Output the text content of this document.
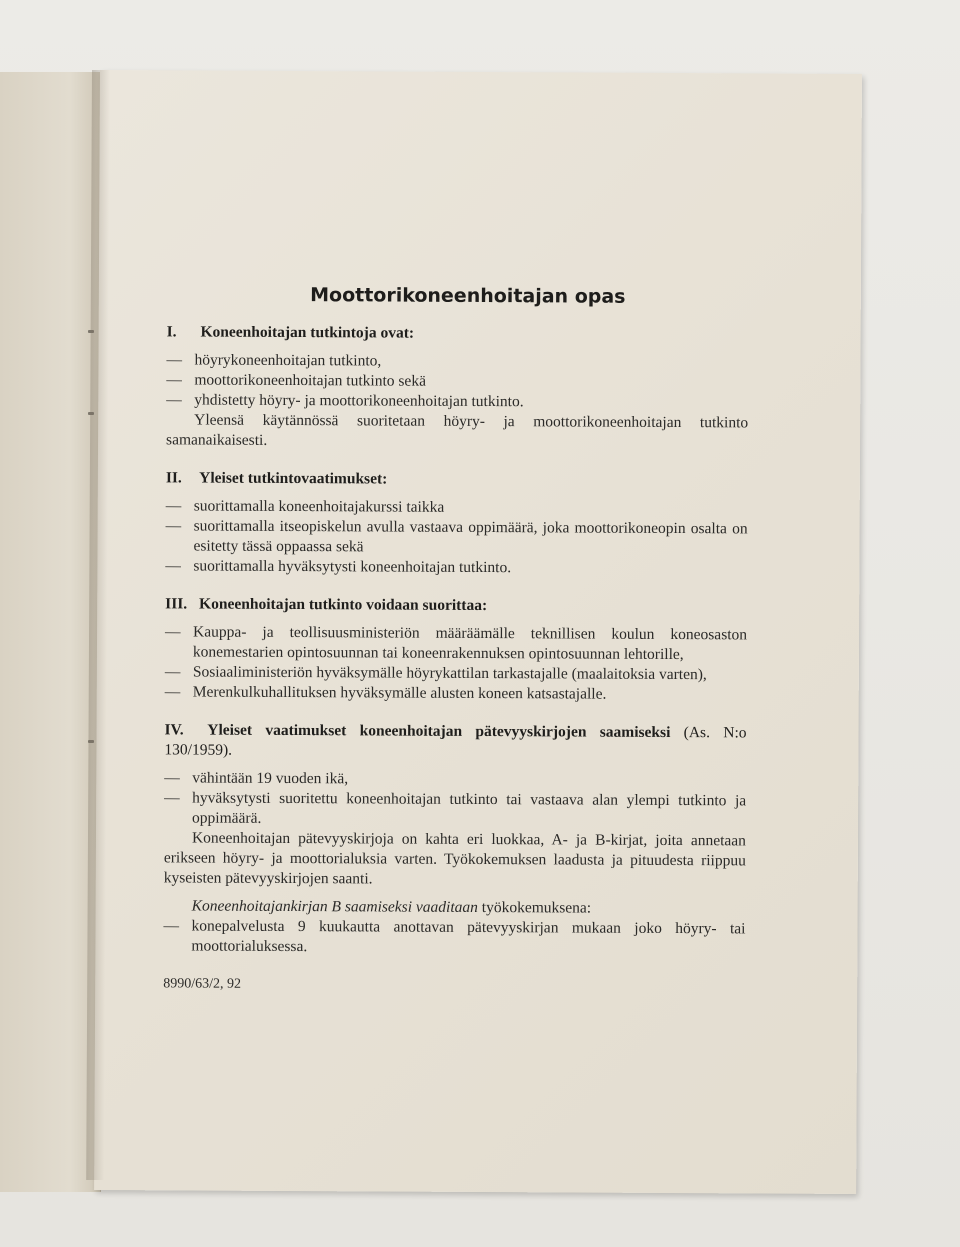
Moottorikoneenhoitajan opas
I. Koneenhoitajan tutkintoja ovat:
— höyrykoneenhoitajan tutkinto,
— moottorikoneenhoitajan tutkinto sekä
— yhdistetty höyry- ja moottorikoneenhoitajan tutkinto.

Yleensä käytännössä suoritetaan höyry- ja moottorikoneenhoitajan tutkinto samanaikaisesti.

II. Yleiset tutkintovaatimukset:
— suorittamalla koneenhoitajakurssi taikka
— suorittamalla itseopiskelun avulla vastaava oppimäärä, joka moottorikoneopin osalta on esitetty tässä oppaassa sekä
— suorittamalla hyväksytysti koneenhoitajan tutkinto.
III. Koneenhoitajan tutkinto voidaan suorittaa:
— Kauppa- ja teollisuusministeriön määräämälle teknillisen koulun koneosaston konemestarien opintosuunnan tai koneenrakennuksen opintosuunnan lehtorille,
— Sosiaaliministeriön hyväksymälle höyrykattilan tarkastajalle (maalaitoksia varten),
— Merenkulkuhallituksen hyväksymälle alusten koneen katsastajalle.
IV. Yleiset vaatimukset koneenhoitajan pätevyyskirjojen saamiseksi (As. N:o 130/1959).
— vähintään 19 vuoden ikä,
— hyväksytysti suoritettu koneenhoitajan tutkinto tai vastaava alan ylempi tutkinto ja oppimäärä.

Koneenhoitajan pätevyyskirjoja on kahta eri luokkaa, A- ja B-kirjat, joita annetaan erikseen höyry- ja moottorialuksia varten. Työkokemuksen laadusta ja pituudesta riippuu kyseisten pätevyyskirjojen saanti.

Koneenhoitajankirjan B saamiseksi vaaditaan työkokemuksena:

— konepalvelusta 9 kuukautta anottavan pätevyyskirjan mukaan joko höyry- tai moottorialuksessa.
8990/63/2, 92
